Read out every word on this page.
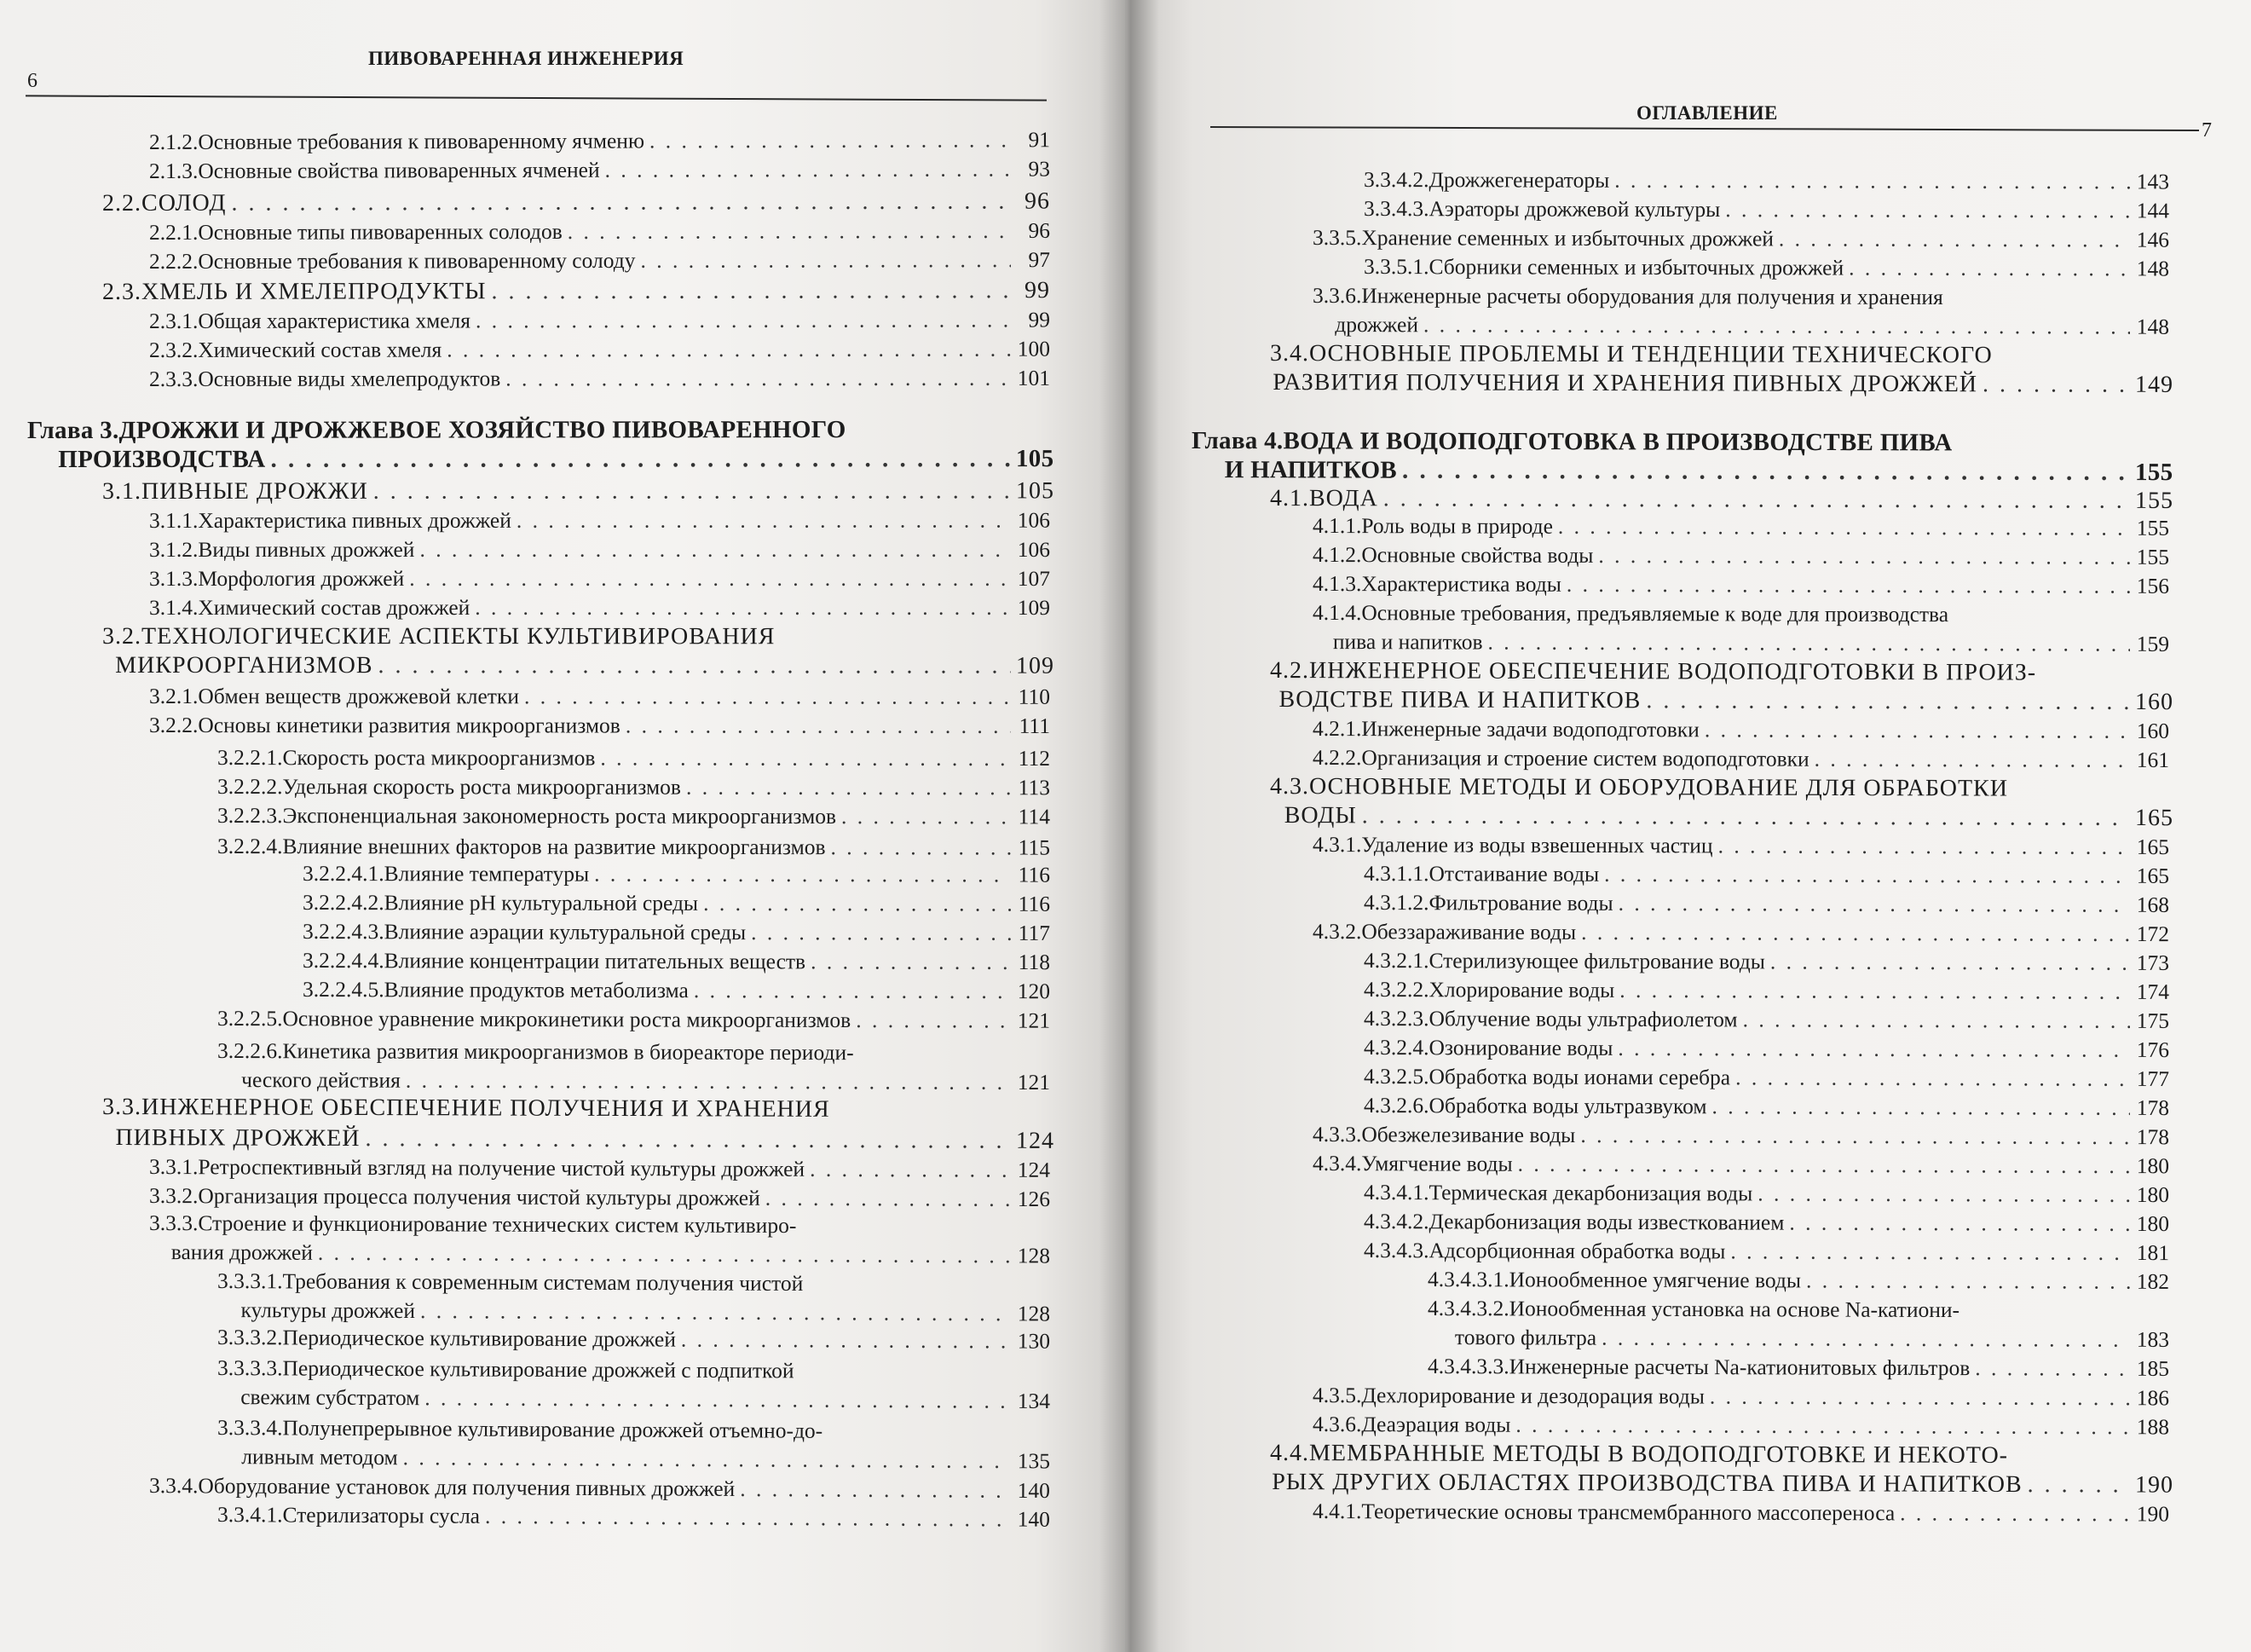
6
ПИВОВАРЕННАЯ ИНЖЕНЕРИЯ
2.1.2. Основные требования к пивоваренному ячменю . . .	91
2.1.3. Основные свойства пивоваренных ячменей . . .	93
2.2. СОЛОД . . .	96
2.2.1. Основные типы пивоваренных солодов . . .	96
2.2.2. Основные требования к пивоваренному солоду . . .	97
2.3. ХМЕЛЬ И ХМЕЛЕПРОДУКТЫ . . .	99
2.3.1. Общая характеристика хмеля . . .	99
2.3.2. Химический состав хмеля . . .	100
2.3.3. Основные виды хмелепродуктов . . .	101
Глава 3. ДРОЖЖИ И ДРОЖЖЕВОЕ ХОЗЯЙСТВО ПИВОВАРЕННОГО
ПРОИЗВОДСТВА . . .	105
3.1. ПИВНЫЕ ДРОЖЖИ . . .	105
3.1.1. Характеристика пивных дрожжей . . .	106
3.1.2. Виды пивных дрожжей . . .	106
3.1.3. Морфология дрожжей . . .	107
3.1.4. Химический состав дрожжей . . .	109
3.2. ТЕХНОЛОГИЧЕСКИЕ АСПЕКТЫ КУЛЬТИВИРОВАНИЯ
МИКРООРГАНИЗМОВ . . .	109
3.2.1. Обмен веществ дрожжевой клетки . . .	110
3.2.2. Основы кинетики развития микроорганизмов . . .	111
3.2.2.1. Скорость роста микроорганизмов . . .	112
3.2.2.2. Удельная скорость роста микроорганизмов . . .	113
3.2.2.3. Экспоненциальная закономерность роста микроорганизмов . . .	114
3.2.2.4. Влияние внешних факторов на развитие микроорганизмов . . .	115
3.2.2.4.1. Влияние температуры . . .	116
3.2.2.4.2. Влияние pH культуральной среды . . .	116
3.2.2.4.3. Влияние аэрации культуральной среды . . .	117
3.2.2.4.4. Влияние концентрации питательных веществ . . .	118
3.2.2.4.5. Влияние продуктов метаболизма . . .	120
3.2.2.5. Основное уравнение микрокинетики роста микроорганизмов . . .	121
3.2.2.6. Кинетика развития микроорганизмов в биореакторе периоди-
ческого действия . . .	121
3.3. ИНЖЕНЕРНОЕ ОБЕСПЕЧЕНИЕ ПОЛУЧЕНИЯ И ХРАНЕНИЯ
ПИВНЫХ ДРОЖЖЕЙ . . .	124
3.3.1. Ретроспективный взгляд на получение чистой культуры дрожжей . . .	124
3.3.2. Организация процесса получения чистой культуры дрожжей . . .	126
3.3.3. Строение и функционирование технических систем культивиро-
вания дрожжей . . .	128
3.3.3.1. Требования к современным системам получения чистой
культуры дрожжей . . .	128
3.3.3.2. Периодическое культивирование дрожжей . . .	130
3.3.3.3. Периодическое культивирование дрожжей с подпиткой
свежим субстратом . . .	134
3.3.3.4. Полунепрерывное культивирование дрожжей отъемно-до-
ливным методом . . .	135
3.3.4. Оборудование установок для получения пивных дрожжей . . .	140
3.3.4.1. Стерилизаторы сусла . . .	140
ОГЛАВЛЕНИЕ
7
3.3.4.2. Дрожжегенераторы . . .	143
3.3.4.3. Аэраторы дрожжевой культуры . . .	144
3.3.5. Хранение семенных и избыточных дрожжей . . .	146
3.3.5.1. Сборники семенных и избыточных дрожжей . . .	148
3.3.6. Инженерные расчеты оборудования для получения и хранения
дрожжей . . .	148
3.4. ОСНОВНЫЕ ПРОБЛЕМЫ И ТЕНДЕНЦИИ ТЕХНИЧЕСКОГО
РАЗВИТИЯ ПОЛУЧЕНИЯ И ХРАНЕНИЯ ПИВНЫХ ДРОЖЖЕЙ . . .	149
Глава 4. ВОДА И ВОДОПОДГОТОВКА В ПРОИЗВОДСТВЕ ПИВА
И НАПИТКОВ . . .	155
4.1. ВОДА . . .	155
4.1.1. Роль воды в природе . . .	155
4.1.2. Основные свойства воды . . .	155
4.1.3. Характеристика воды . . .	156
4.1.4. Основные требования, предъявляемые к воде для производства
пива и напитков . . .	159
4.2. ИНЖЕНЕРНОЕ ОБЕСПЕЧЕНИЕ ВОДОПОДГОТОВКИ В ПРОИЗ-
ВОДСТВЕ ПИВА И НАПИТКОВ . . .	160
4.2.1. Инженерные задачи водоподготовки . . .	160
4.2.2. Организация и строение систем водоподготовки . . .	161
4.3. ОСНОВНЫЕ МЕТОДЫ И ОБОРУДОВАНИЕ ДЛЯ ОБРАБОТКИ
ВОДЫ . . .	165
4.3.1. Удаление из воды взвешенных частиц . . .	165
4.3.1.1. Отстаивание воды . . .	165
4.3.1.2. Фильтрование воды . . .	168
4.3.2. Обеззараживание воды . . .	172
4.3.2.1. Стерилизующее фильтрование воды . . .	173
4.3.2.2. Хлорирование воды . . .	174
4.3.2.3. Облучение воды ультрафиолетом . . .	175
4.3.2.4. Озонирование воды . . .	176
4.3.2.5. Обработка воды ионами серебра . . .	177
4.3.2.6. Обработка воды ультразвуком . . .	178
4.3.3. Обезжелезивание воды . . .	178
4.3.4. Умягчение воды . . .	180
4.3.4.1. Термическая декарбонизация воды . . .	180
4.3.4.2. Декарбонизация воды известкованием . . .	180
4.3.4.3. Адсорбционная обработка воды . . .	181
4.3.4.3.1. Ионообменное умягчение воды . . .	182
4.3.4.3.2. Ионообменная установка на основе Na-катиони-
тового фильтра . . .	183
4.3.4.3.3. Инженерные расчеты Na-катионитовых фильтров . . .	185
4.3.5. Дехлорирование и дезодорация воды . . .	186
4.3.6. Деаэрация воды . . .	188
4.4. МЕМБРАННЫЕ МЕТОДЫ В ВОДОПОДГОТОВКЕ И НЕКОТО-
РЫХ ДРУГИХ ОБЛАСТЯХ ПРОИЗВОДСТВА ПИВА И НАПИТКОВ . . .	190
4.4.1. Теоретические основы трансмембранного массопереноса . . .	190
